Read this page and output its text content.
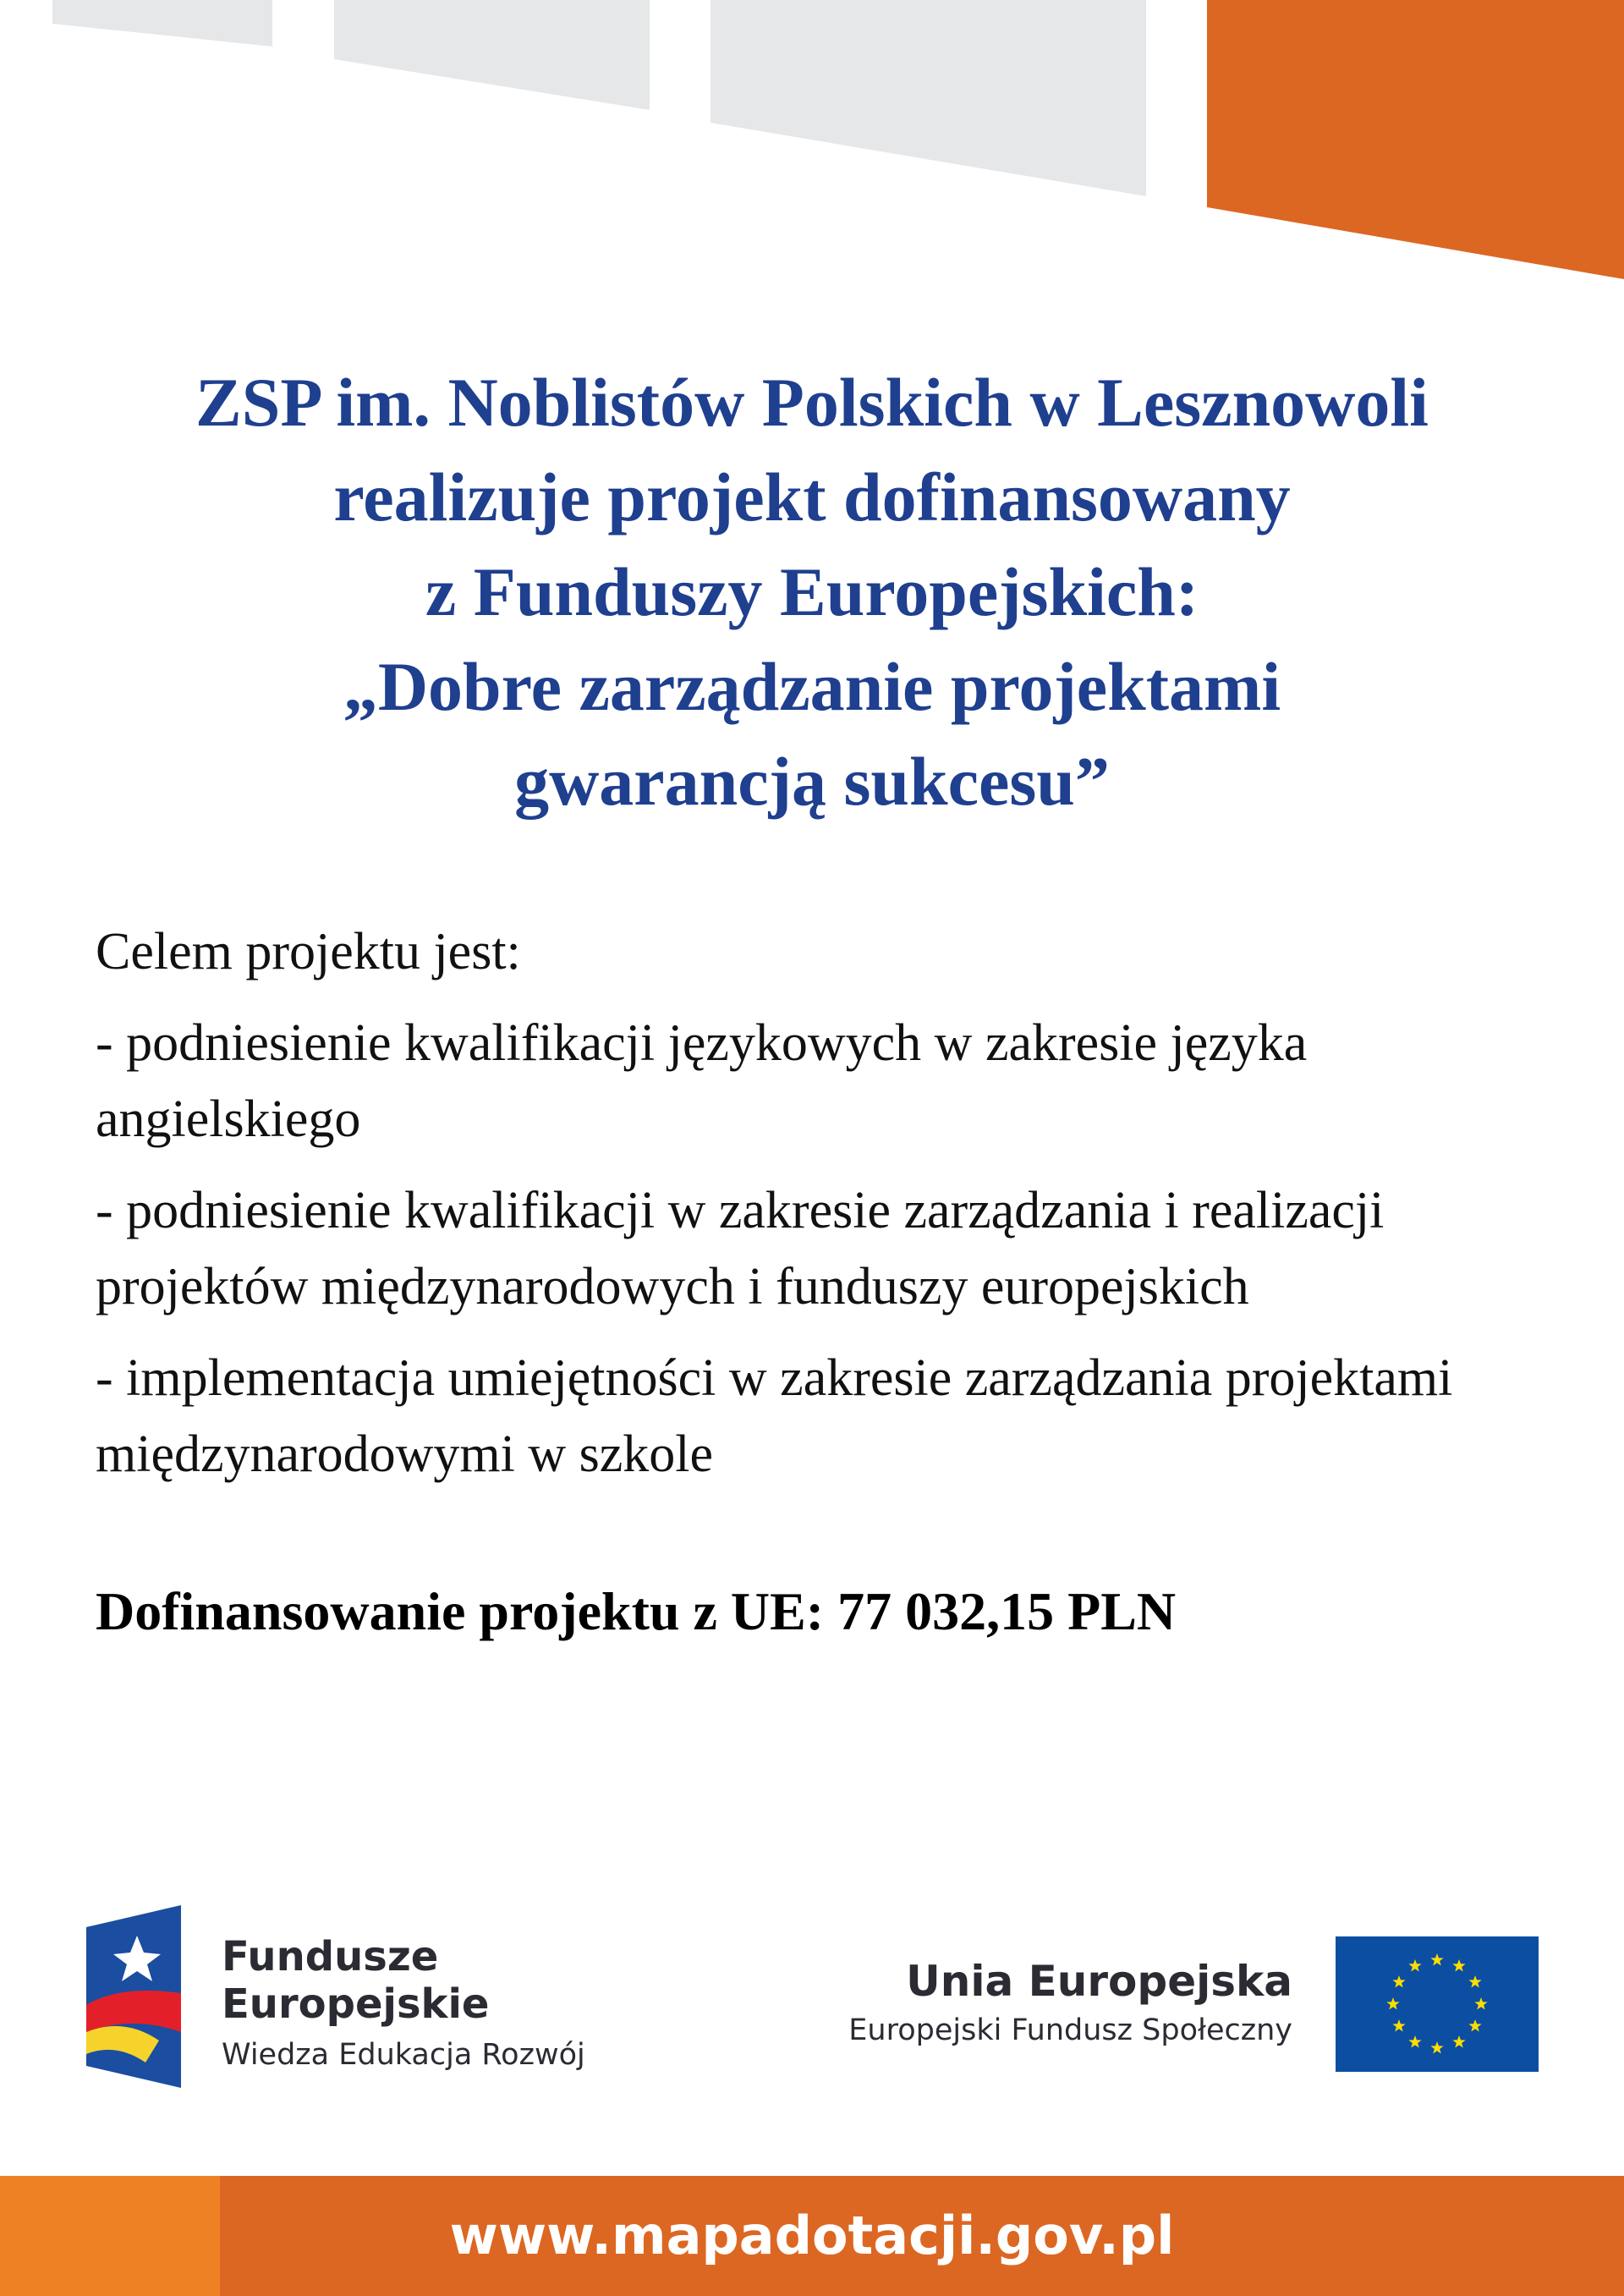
ZSP im. Noblistów Polskich w Lesznowoli
realizuje projekt dofinansowany
z Funduszy Europejskich:
„Dobre zarządzanie projektami
gwarancją sukcesu”
Celem projektu jest:
- podniesienie kwalifikacji językowych w zakresie języka angielskiego
- podniesienie kwalifikacji w zakresie zarządzania i realizacji projektów międzynarodowych i funduszy europejskich
- implementacja umiejętności w zakresie zarządzania projektami międzynarodowymi w szkole
Dofinansowanie projektu z UE: 77 032,15 PLN
Fundusze
Europejskie
Wiedza Edukacja Rozwój
Unia Europejska
Europejski Fundusz Społeczny
www.mapadotacji.gov.pl
